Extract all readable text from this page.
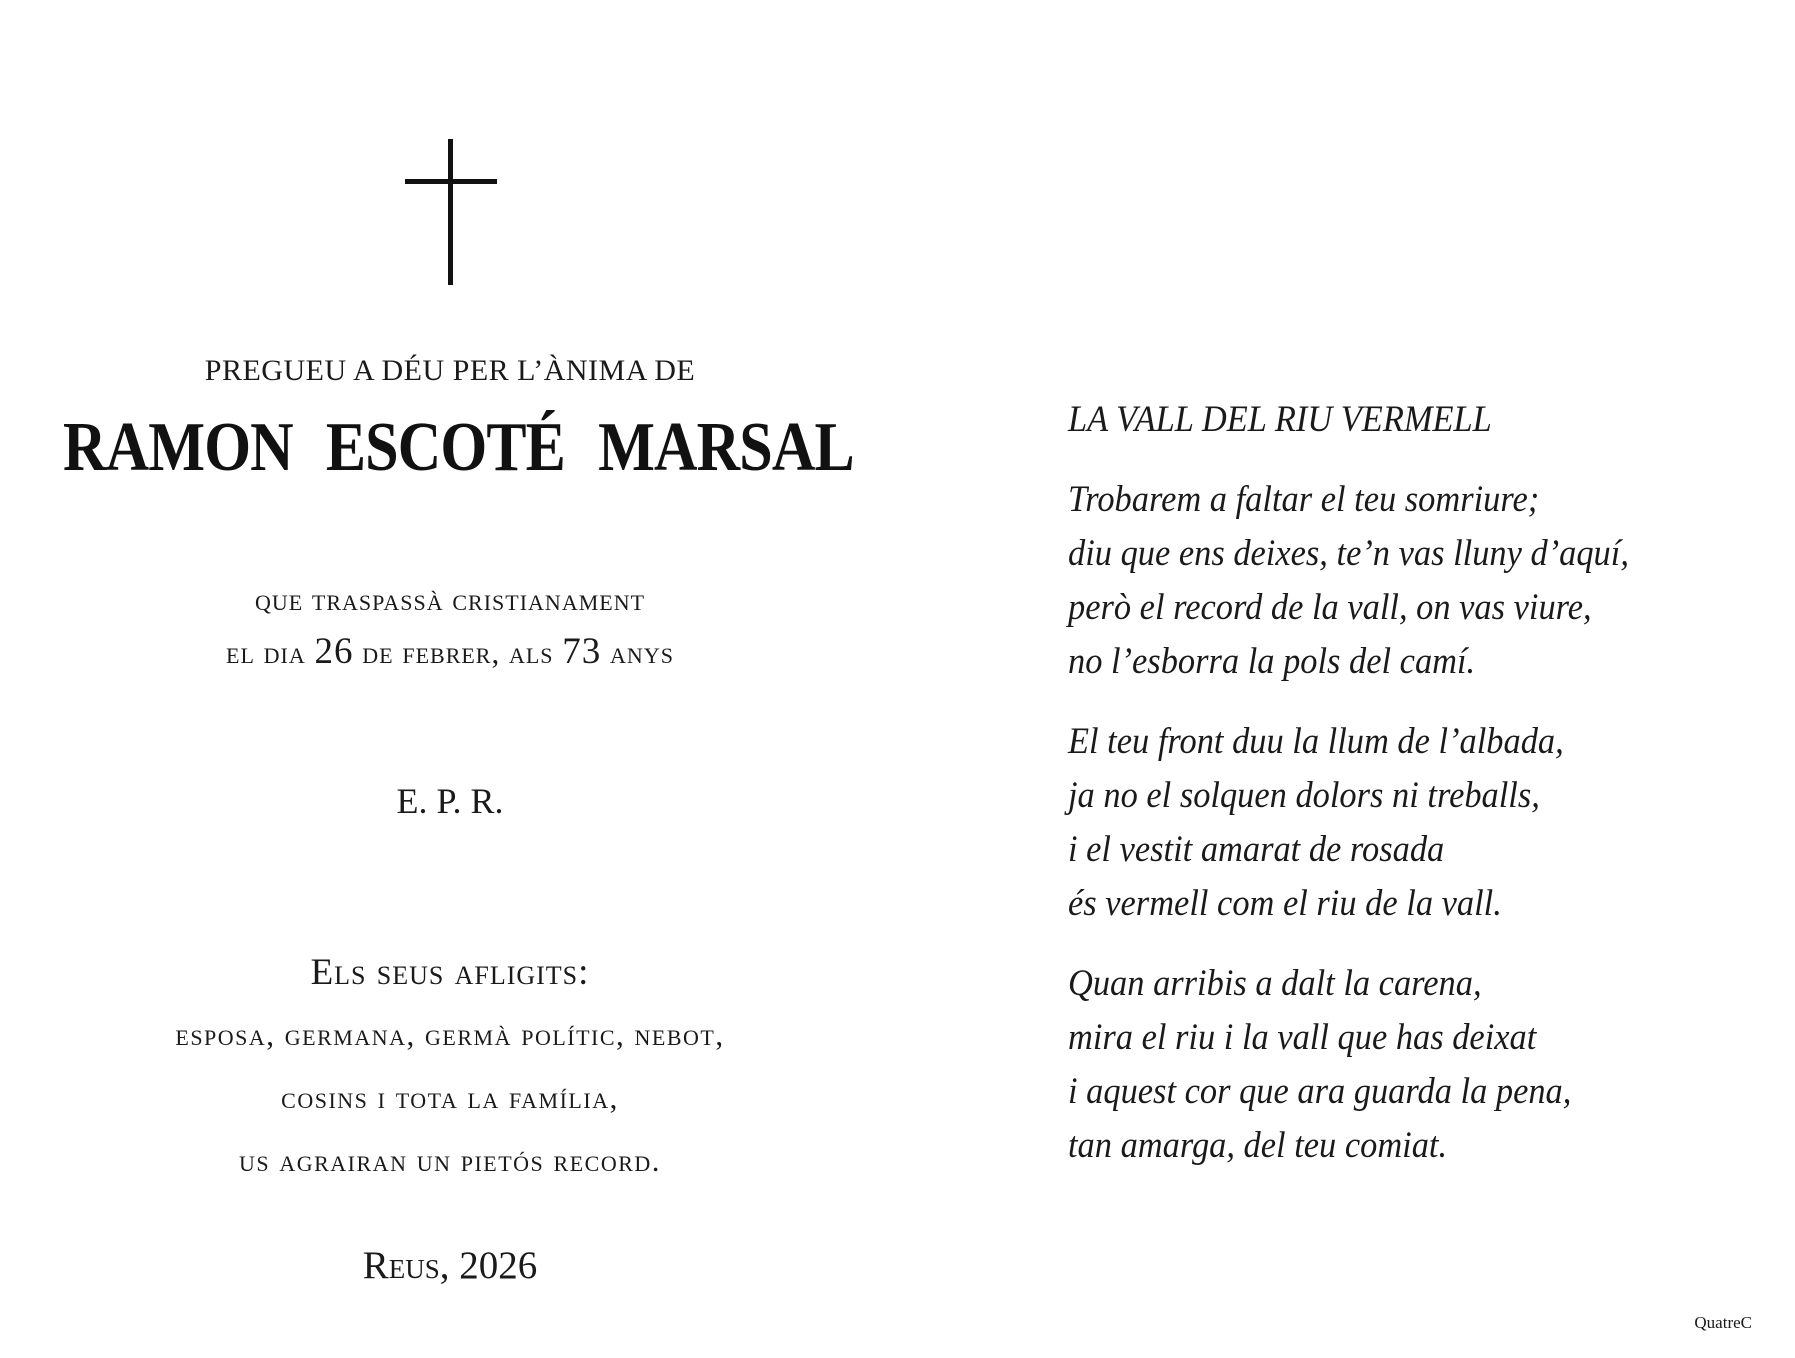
PREGUEU A DÉU PER L’ÀNIMA DE
RAMON ESCOTÉ MARSAL
que traspassà cristianament
el dia 26 de febrer, als 73 anys
E. P. R.
Els seus afligits:
esposa, germana, germà polític, nebot,
cosins i tota la família,
us agrairan un pietós record.
Reus, 2026
LA VALL DEL RIU VERMELL
Trobarem a faltar el teu somriure;
diu que ens deixes, te’n vas lluny d’aquí,
però el record de la vall, on vas viure,
no l’esborra la pols del camí.
El teu front duu la llum de l’albada,
ja no el solquen dolors ni treballs,
i el vestit amarat de rosada
és vermell com el riu de la vall.
Quan arribis a dalt la carena,
mira el riu i la vall que has deixat
i aquest cor que ara guarda la pena,
tan amarga, del teu comiat.
QuatreC
